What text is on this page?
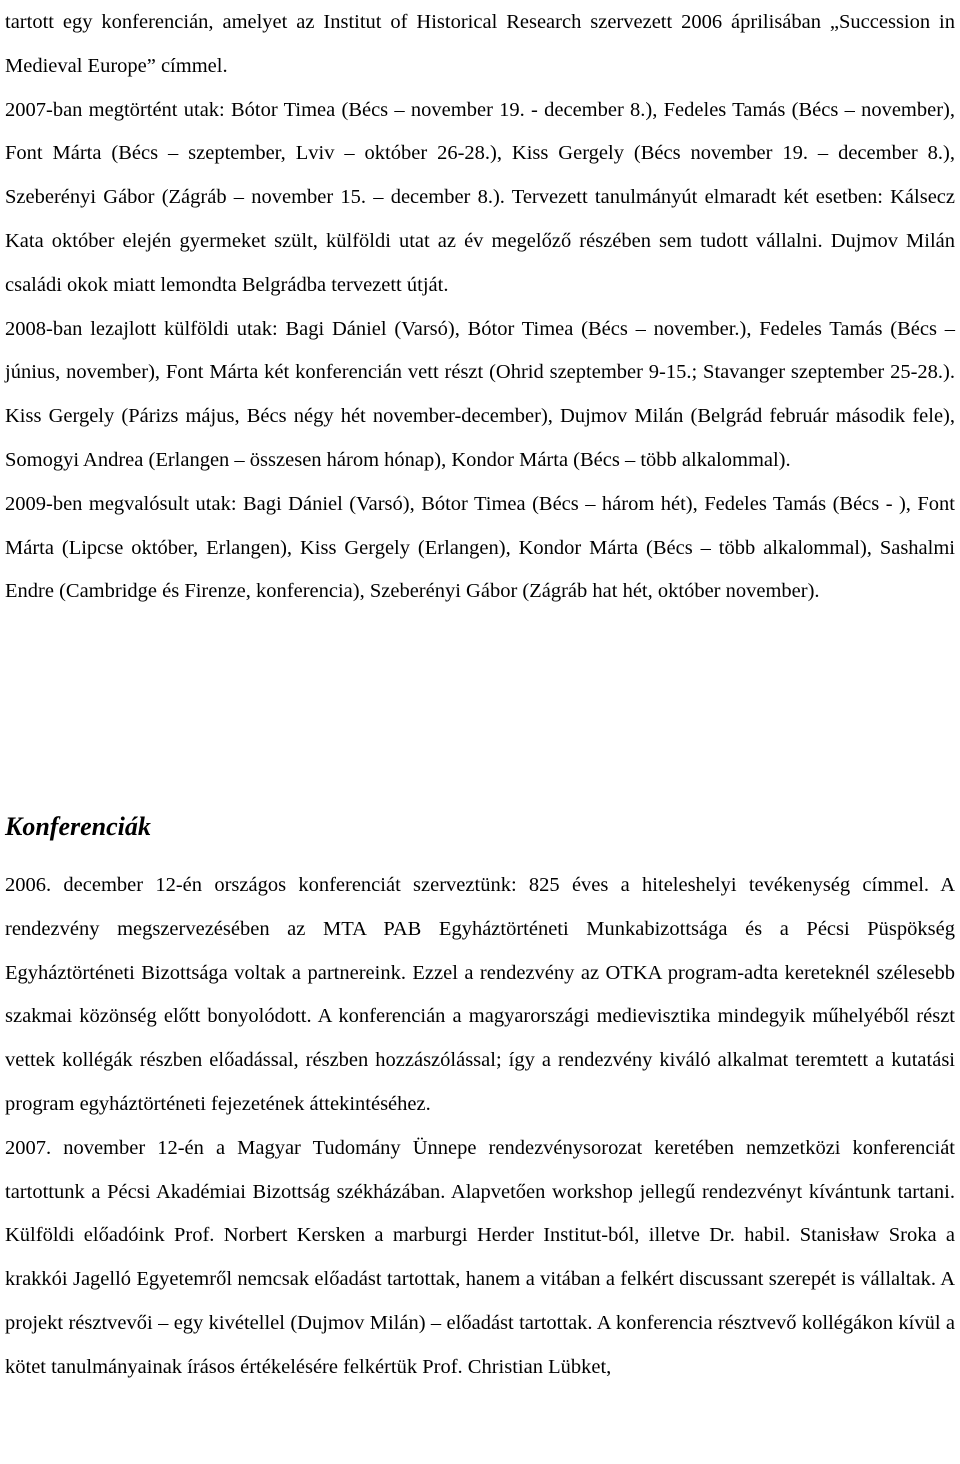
tartott egy konferencián, amelyet az Institut of Historical Research szervezett 2006 áprilisában „Succession in Medieval Europe” címmel.

2007-ban megtörtént utak: Bótor Timea (Bécs – november 19. - december 8.), Fedeles Tamás (Bécs – november), Font Márta (Bécs – szeptember, Lviv – október 26-28.), Kiss Gergely (Bécs november 19. – december 8.), Szeberényi Gábor (Zágráb – november 15. – december 8.). Tervezett tanulmányút elmaradt két esetben: Kálsecz Kata október elején gyermeket szült, külföldi utat az év megelőző részében sem tudott vállalni. Dujmov Milán családi okok miatt lemondta Belgrádba tervezett útját.

2008-ban lezajlott külföldi utak: Bagi Dániel (Varsó), Bótor Timea (Bécs – november.), Fedeles Tamás (Bécs – június, november), Font Márta két konferencián vett részt (Ohrid szeptember 9-15.; Stavanger szeptember 25-28.). Kiss Gergely (Párizs május, Bécs négy hét november-december), Dujmov Milán (Belgrád február második fele), Somogyi Andrea (Erlangen – összesen három hónap), Kondor Márta (Bécs – több alkalommal).

2009-ben megvalósult utak: Bagi Dániel (Varsó), Bótor Timea (Bécs – három hét), Fedeles Tamás (Bécs - ), Font Márta (Lipcse október, Erlangen), Kiss Gergely (Erlangen), Kondor Márta (Bécs – több alkalommal), Sashalmi Endre (Cambridge és Firenze, konferencia), Szeberényi Gábor (Zágráb hat hét, október november).

Konferenciák

2006. december 12-én országos konferenciát szerveztünk: 825 éves a hiteleshelyi tevékenység címmel. A rendezvény megszervezésében az MTA PAB Egyháztörténeti Munkabizottsága és a Pécsi Püspökség Egyháztörténeti Bizottsága voltak a partnereink. Ezzel a rendezvény az OTKA program-adta kereteknél szélesebb szakmai közönség előtt bonyolódott. A konferencián a magyarországi medievisztika mindegyik műhelyéből részt vettek kollégák részben előadással, részben hozzászólással; így a rendezvény kiváló alkalmat teremtett a kutatási program egyháztörténeti fejezetének áttekintéséhez.

2007. november 12-én a Magyar Tudomány Ünnepe rendezvénysorozat keretében nemzetközi konferenciát tartottunk a Pécsi Akadémiai Bizottság székházában. Alapvetően workshop jellegű rendezvényt kívántunk tartani. Külföldi előadóink Prof. Norbert Kersken a marburgi Herder Institut-ból, illetve Dr. habil. Stanisław Sroka a krakkói Jagelló Egyetemről nemcsak előadást tartottak, hanem a vitában a felkért discussant szerepét is vállaltak. A projekt résztvevői – egy kivétellel (Dujmov Milán) – előadást tartottak. A konferencia résztvevő kollégákon kívül a kötet tanulmányainak írásos értékelésére felkértük Prof. Christian Lübket,
